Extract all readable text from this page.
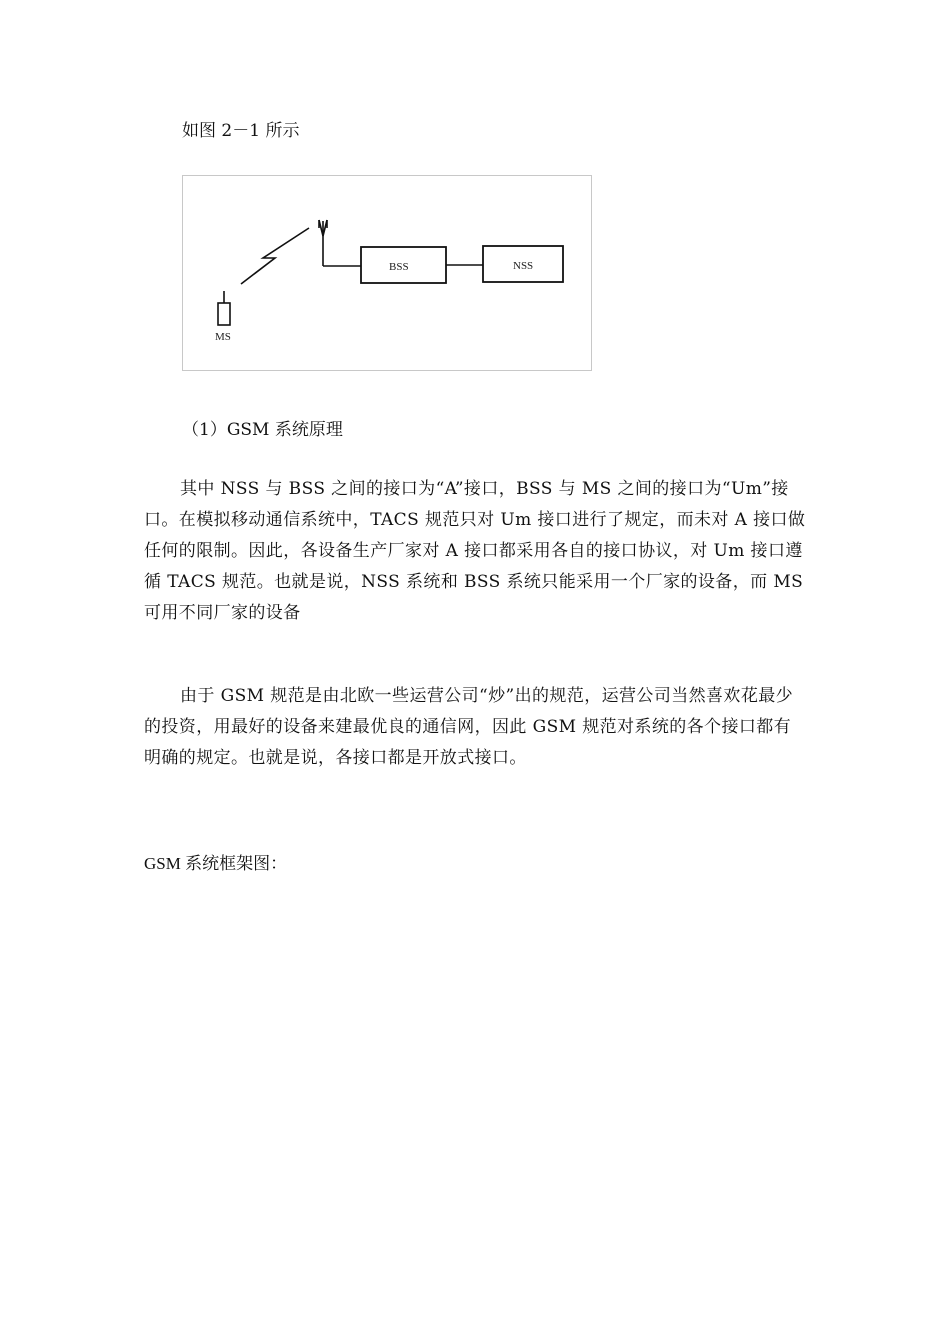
如图 2－1 所示
MS
BSS	NSS
（1）GSM 系统原理

其中 NSS 与 BSS 之间的接口为“A”接口，BSS 与 MS 之间的接口为“Um”接口。在模拟移动通信系统中，TACS 规范只对 Um 接口进行了规定，而未对 A 接口做任何的限制。因此，各设备生产厂家对 A 接口都采用各自的接口协议，对 Um 接口遵循 TACS 规范。也就是说，NSS 系统和 BSS 系统只能采用一个厂家的设备，而 MS 可用不同厂家的设备

由于 GSM 规范是由北欧一些运营公司“炒”出的规范，运营公司当然喜欢花最少的投资，用最好的设备来建最优良的通信网，因此 GSM 规范对系统的各个接口都有明确的规定。也就是说，各接口都是开放式接口。

GSM 系统框架图：
